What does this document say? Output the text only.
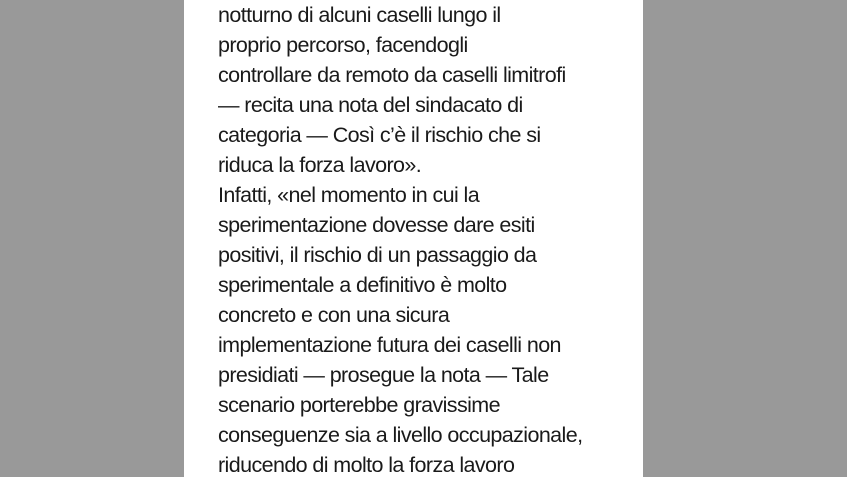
notturno di alcuni caselli lungo il
proprio percorso, facendogli
controllare da remoto da caselli limitrofi
— recita una nota del sindacato di
categoria — Così c’è il rischio che si
riduca la forza lavoro».
Infatti, «nel momento in cui la
sperimentazione dovesse dare esiti
positivi, il rischio di un passaggio da
sperimentale a definitivo è molto
concreto e con una sicura
implementazione futura dei caselli non
presidiati — prosegue la nota — Tale
scenario porterebbe gravissime
conseguenze sia a livello occupazionale,
riducendo di molto la forza lavoro
